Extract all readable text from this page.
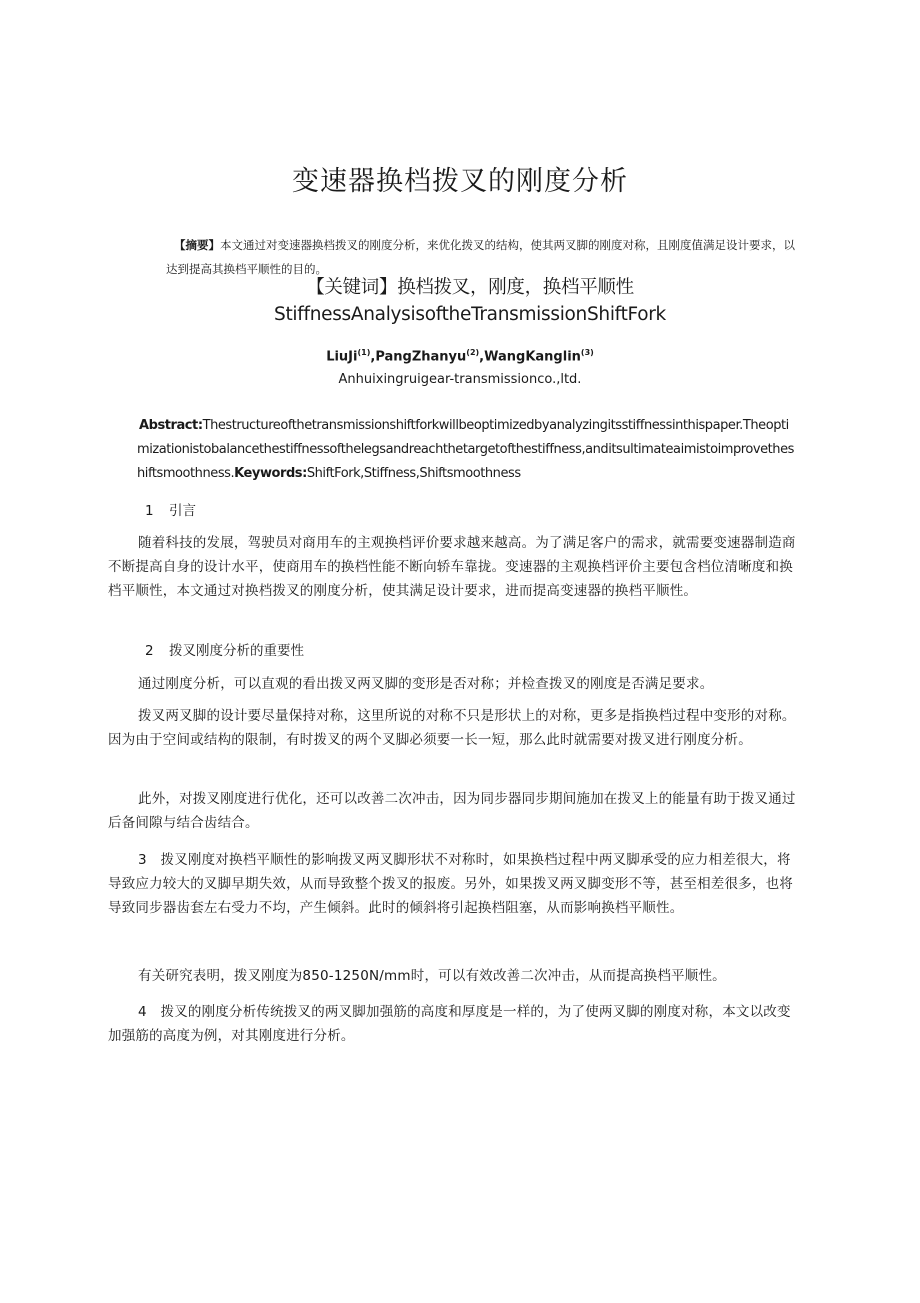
变速器换档拨叉的刚度分析
【摘要】本文通过对变速器换档拨叉的刚度分析，来优化拨叉的结构，使其两叉脚的刚度对称，且刚度值满足设计要求，以达到提高其换档平顺性的目的。
【关键词】换档拨叉，刚度，换档平顺性StiffnessAnalysisoftheTransmissionShiftFork
LiuJi$^{(1)}$,PangZhanyu$^{(2)}$,WangKanglin$^{(3)}$
Anhuixingruigear-transmissionco.,ltd.
Abstract:Thestructureofthetransmissionshiftforkwillbeoptimizedbyanalyzingitsstiffnessinthispaper.Theoptimizationistobalancethestiffnessofthelegsandreachthetargetofthestiffness,anditsultimateaimistoimprovetheshiftsmoothness.Keywords:ShiftFork,Stiffness,Shiftsmoothness
1 引言
随着科技的发展，驾驶员对商用车的主观换档评价要求越来越高。为了满足客户的需求，就需要变速器制造商不断提高自身的设计水平，使商用车的换档性能不断向轿车靠拢。变速器的主观换档评价主要包含档位清晰度和换档平顺性，本文通过对换档拨叉的刚度分析，使其满足设计要求，进而提高变速器的换档平顺性。
2 拨叉刚度分析的重要性
通过刚度分析，可以直观的看出拨叉两叉脚的变形是否对称；并检查拨叉的刚度是否满足要求。
拨叉两叉脚的设计要尽量保持对称，这里所说的对称不只是形状上的对称，更多是指换档过程中变形的对称。因为由于空间或结构的限制，有时拨叉的两个叉脚必须要一长一短，那么此时就需要对拨叉进行刚度分析。
此外，对拨叉刚度进行优化，还可以改善二次冲击，因为同步器同步期间施加在拨叉上的能量有助于拨叉通过后备间隙与结合齿结合。
3　拨叉刚度对换档平顺性的影响拨叉两叉脚形状不对称时，如果换档过程中两叉脚承受的应力相差很大，将导致应力较大的叉脚早期失效，从而导致整个拨叉的报废。另外，如果拨叉两叉脚变形不等，甚至相差很多，也将导致同步器齿套左右受力不均，产生倾斜。此时的倾斜将引起换档阻塞，从而影响换档平顺性。
有关研究表明，拨叉刚度为850-1250N/mm时，可以有效改善二次冲击，从而提高换档平顺性。
4　拨叉的刚度分析传统拨叉的两叉脚加强筋的高度和厚度是一样的，为了使两叉脚的刚度对称，本文以改变加强筋的高度为例，对其刚度进行分析。
